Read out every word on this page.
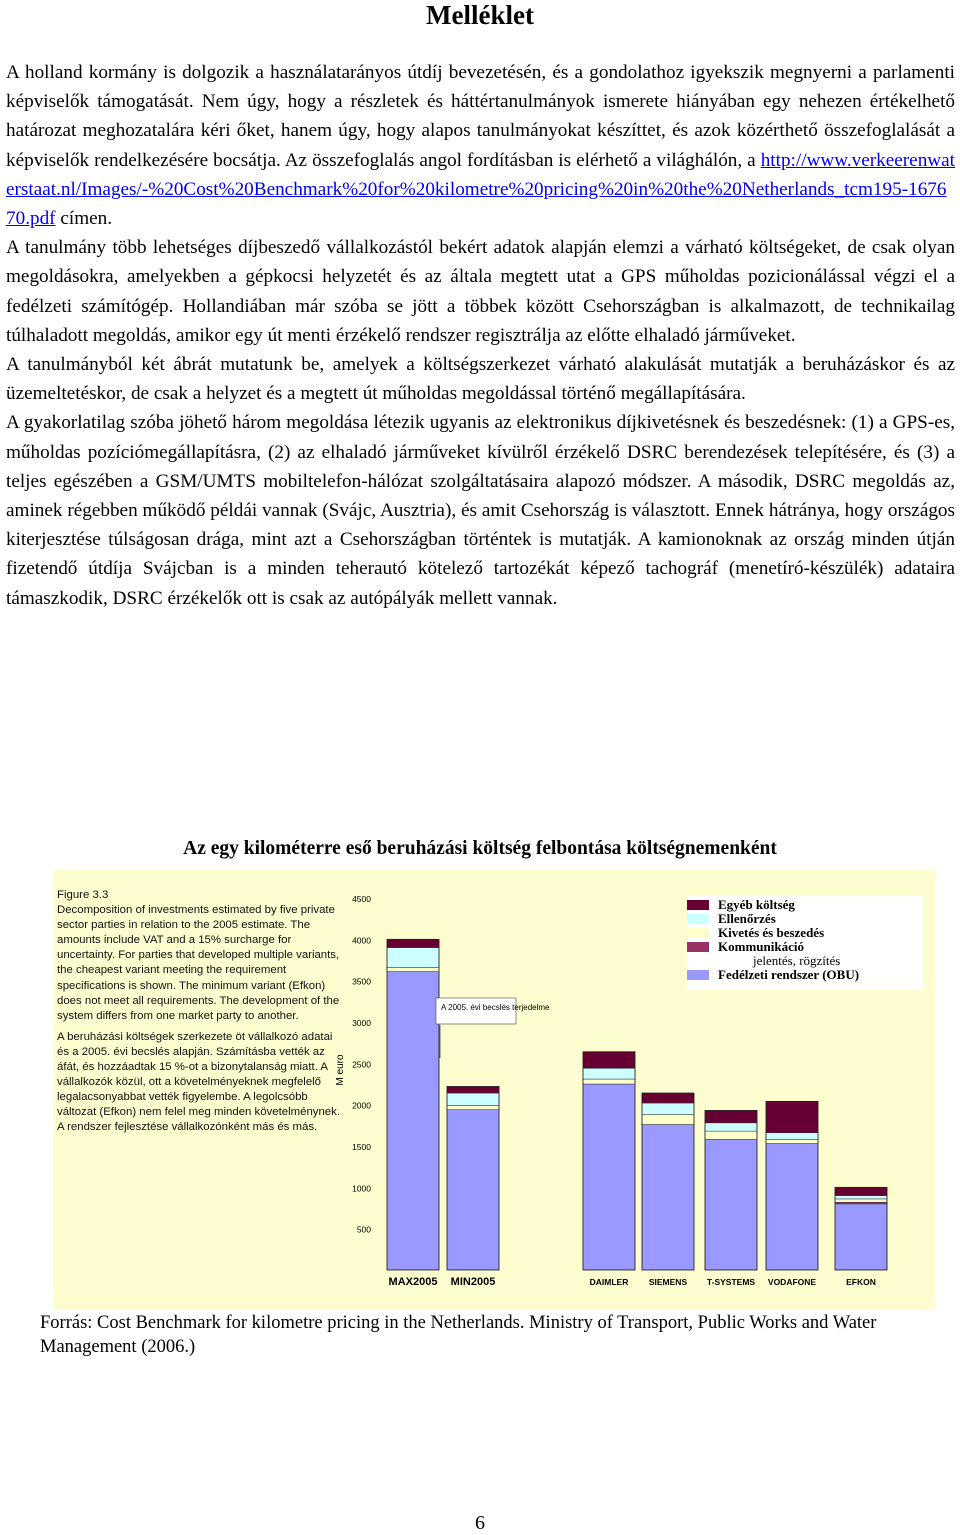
Melléklet

A holland kormány is dolgozik a használatarányos útdíj bevezetésén, és a gondolathoz igyekszik megnyerni a parlamenti képviselők támogatását. Nem úgy, hogy a részletek és háttértanulmányok ismerete hiányában egy nehezen értékelhető határozat meghozatalára kéri őket, hanem úgy, hogy alapos tanulmányokat készíttet, és azok közérthető összefoglalását a képviselők rendelkezésére bocsátja. Az összefoglalás angol fordításban is elérhető a világhálón, a http://www.verkeerenwaterstaat.nl/Images/-%20Cost%20Benchmark%20for%20kilometre%20pricing%20in%20the%20Netherlands_tcm195-167670.pdf címen.

A tanulmány több lehetséges díjbeszedő vállalkozástól bekért adatok alapján elemzi a várható költségeket, de csak olyan megoldásokra, amelyekben a gépkocsi helyzetét és az általa megtett utat a GPS műholdas pozicionálással végzi el a fedélzeti számítógép. Hollandiában már szóba se jött a többek között Csehországban is alkalmazott, de technikailag túlhaladott megoldás, amikor egy út menti érzékelő rendszer regisztrálja az előtte elhaladó járműveket.

A tanulmányból két ábrát mutatunk be, amelyek a költségszerkezet várható alakulását mutatják a beruházáskor és az üzemeltetéskor, de csak a helyzet és a megtett út műholdas megoldással történő megállapítására.

A gyakorlatilag szóba jöhető három megoldása létezik ugyanis az elektronikus díjkivetésnek és beszedésnek: (1) a GPS-es, műholdas pozíciómegállapításra, (2) az elhaladó járműveket kívülről érzékelő DSRC berendezések telepítésére, és (3) a teljes egészében a GSM/UMTS mobiltelefon-hálózat szolgáltatásaira alapozó módszer. A második, DSRC megoldás az, aminek régebben működő példái vannak (Svájc, Ausztria), és amit Csehország is választott. Ennek hátránya, hogy országos kiterjesztése túlságosan drága, mint azt a Csehországban történtek is mutatják. A kamionoknak az ország minden útján fizetendő útdíja Svájcban is a minden teherautó kötelező tartozékát képező tachográf (menetíró-készülék) adataira támaszkodik, DSRC érzékelők ott is csak az autópályák mellett vannak.

Az egy kilométerre eső beruházási költség felbontása költségnemenként
M euro
500
1000
1500
2000
2500
3000
3500
4000
4500
MAX2005 MIN2005	DAIMLER SIEMENS T-SYSTEMS VODAFONE	EFKON
A 2005. évi becslés terjedelme
Figure 3.3
Decomposition of investments estimated by five private sector parties in relation to the 2005 estimate. The amounts include VAT and a 15% surcharge for uncertainty. For parties that developed multiple variants, the cheapest variant meeting the requirement specifications is shown. The minimum variant (Efkon) does not meet all requirements. The development of the system differs from one market party to another.
A beruházási költségek szerkezete öt vállalkozó adatai és a 2005. évi becslés alapján. Számításba vették az áfát, és hozzáadtak 15 %-ot a bizonytalanság miatt. A vállalkozók közül, ott a követelményeknek megfelelő legalacsonyabbat vették figyelembe. A legolcsóbb változat (Efkon) nem felel meg minden követelménynek. A rendszer fejlesztése vállalkozónként más és más.
Egyéb költség
Ellenőrzés
Kivetés és beszedés
Kommunikáció
jelentés, rögzítés
Fedélzeti rendszer (OBU)
Forrás: Cost Benchmark for kilometre pricing in the Netherlands. Ministry of Transport, Public Works and Water Management (2006.)
6
